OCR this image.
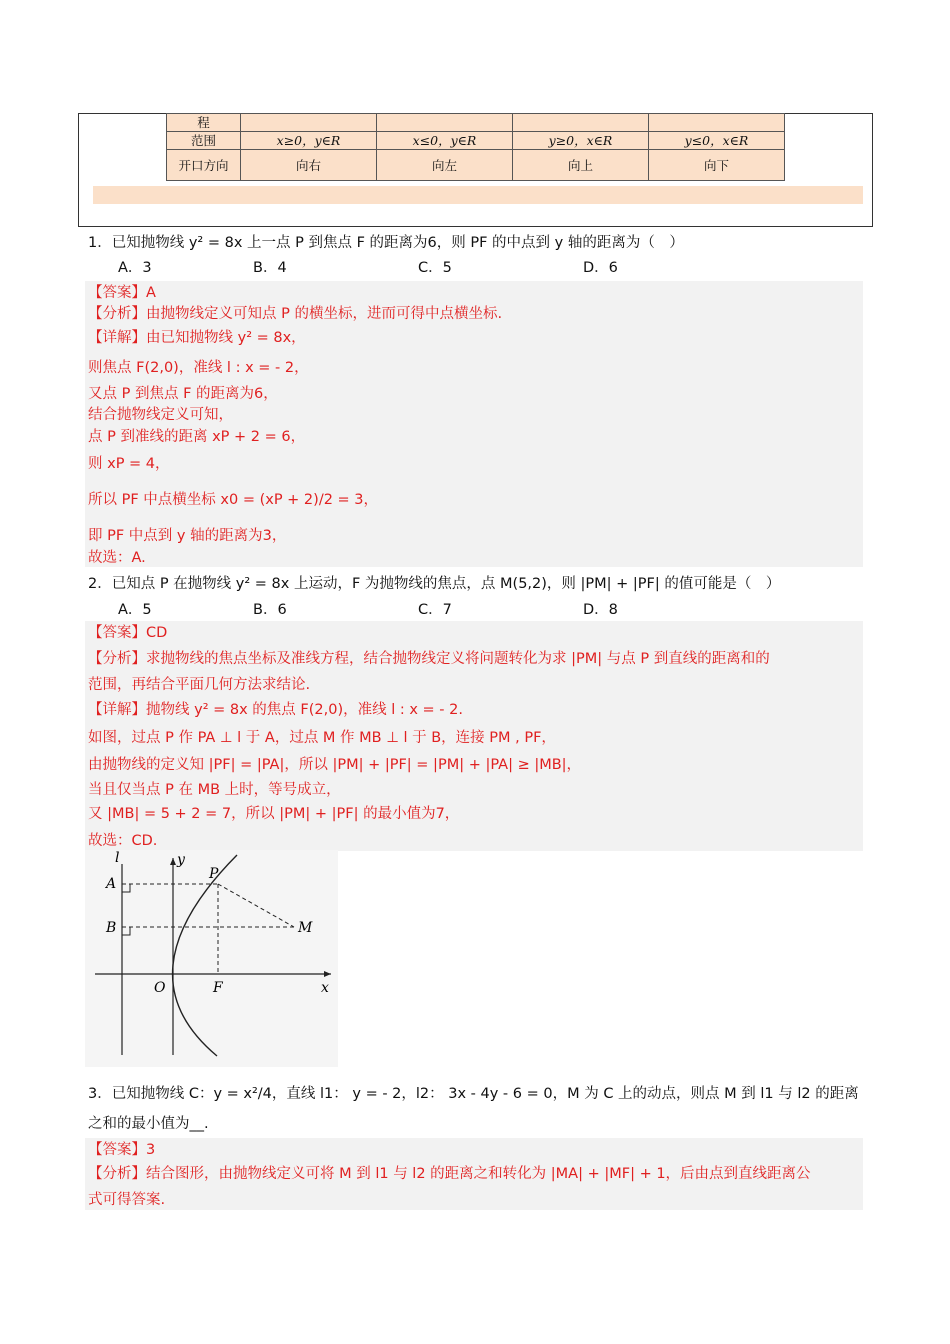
程				
范围	x≥0，y∈R	x≤0，y∈R	y≥0，x∈R	y≤0，x∈R
开口方向	向右	向左	向上	向下
1．已知抛物线 y² = 8x 上一点 P 到焦点 F 的距离为6，则 PF 的中点到 y 轴的距离为（　）
A．3	B．4	C．5	D．6
【答案】A
【分析】由抛物线定义可知点 P 的横坐标，进而可得中点横坐标.
【详解】由已知抛物线 y² = 8x，
则焦点 F(2,0)，准线 l : x = - 2，
又点 P 到焦点 F 的距离为6，
结合抛物线定义可知，
点 P 到准线的距离 xP + 2 = 6，
则 xP = 4，
所以 PF 中点横坐标 x0 = (xP + 2)/2 = 3，
即 PF 中点到 y 轴的距离为3，
故选：A.
2．已知点 P 在抛物线 y² = 8x 上运动，F 为抛物线的焦点，点 M(5,2)，则 |PM| + |PF| 的值可能是（　）
A．5	B．6	C．7	D．8
【答案】CD
【分析】求抛物线的焦点坐标及准线方程，结合抛物线定义将问题转化为求 |PM| 与点 P 到直线的距离和的
范围，再结合平面几何方法求结论.
【详解】抛物线 y² = 8x 的焦点 F(2,0)，准线 l : x = - 2.
如图，过点 P 作 PA ⊥ l 于 A，过点 M 作 MB ⊥ l 于 B，连接 PM , PF，
由抛物线的定义知 |PF| = |PA|，所以 |PM| + |PF| = |PM| + |PA| ≥ |MB|，
当且仅当点 P 在 MB 上时，等号成立，
又 |MB| = 5 + 2 = 7，所以 |PM| + |PF| 的最小值为7，
故选：CD.
l	y
A
P
B	M
O	F	x
3．已知抛物线 C：y = x²/4，直线 l1： y = - 2，l2： 3x - 4y - 6 = 0，M 为 C 上的动点，则点 M 到 l1 与 l2 的距离
之和的最小值为__.
【答案】3
【分析】结合图形，由抛物线定义可将 M 到 l1 与 l2 的距离之和转化为 |MA| + |MF| + 1，后由点到直线距离公
式可得答案.
